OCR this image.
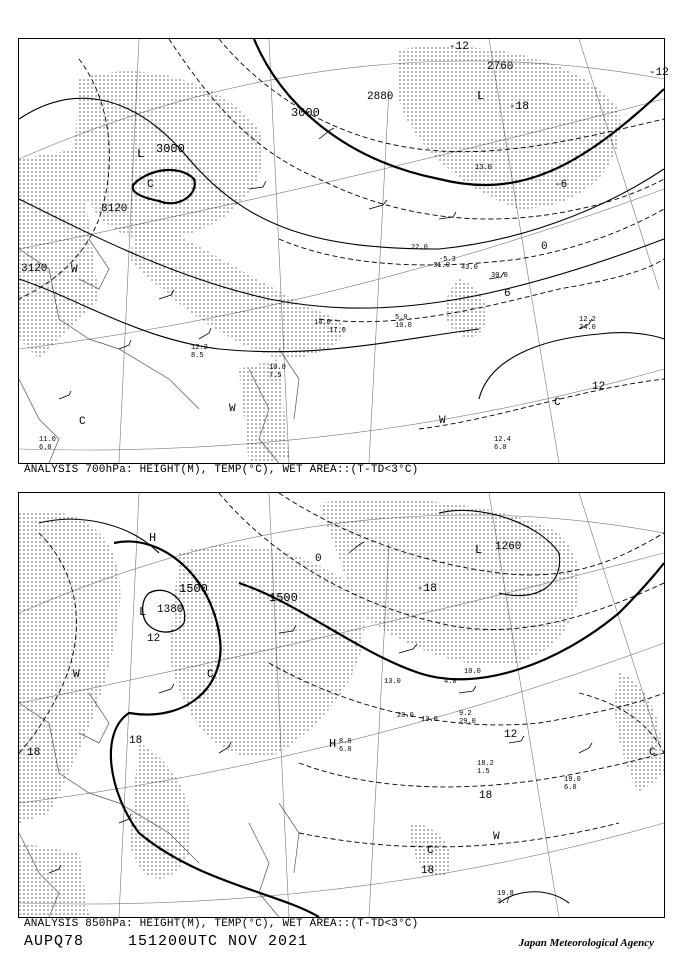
3000
3000
3120
3120
2880
2760	-12
-18
-6
0
6
12
-12
L
L
C
W
W
W
C
C
12.2
8.5
12.4
6.0
12.2
24.0
10.0
7.5
11.0
6.0
14.0
17.0
5.0
10.0
13.0
30.0
43.0
-5.3
-31.0
22.0
ANALYSIS 700hPa: HEIGHT(M), TEMP(°C), WET AREA::(T-TD<3°C)
1500
1500
1380
1260
12
18
18
18
18
12
-18
0
H
H
L
L
W
W
C
C
C
19.8
3.7
19.0
6.0
18.2
1.5
9.2
29.0
10.0
4.0
12.0
8.0
6.0
13.0
20.0
ANALYSIS 850hPa: HEIGHT(M), TEMP(°C), WET AREA::(T-TD<3°C)
AUPQ78	151200UTC NOV 2021	Japan Meteorological Agency
